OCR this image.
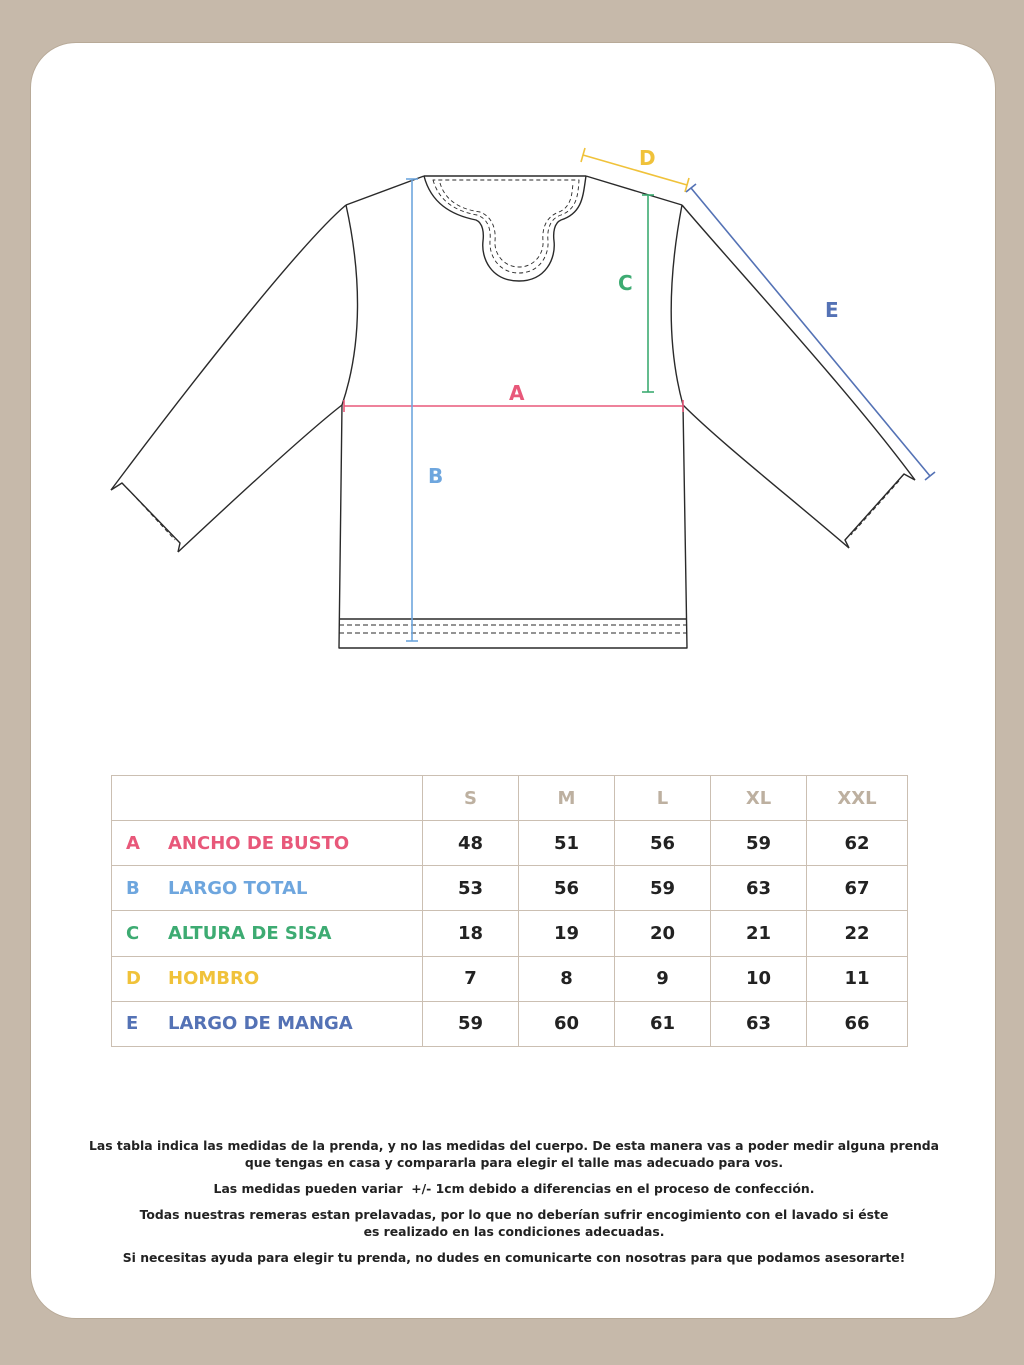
A
B
C
D
E
	S	M	L	XL	XXL
A ANCHO DE BUSTO	48	51	56	59	62
B LARGO TOTAL	53	56	59	63	67
C ALTURA DE SISA	18	19	20	21	22
D HOMBRO	7	8	9	10	11
E LARGO DE MANGA	59	60	61	63	66

Las tabla indica las medidas de la prenda, y no las medidas del cuerpo. De esta manera vas a poder medir alguna prenda
que tengas en casa y compararla para elegir el talle mas adecuado para vos.

Las medidas pueden variar  +/- 1cm debido a diferencias en el proceso de confección.

Todas nuestras remeras estan prelavadas, por lo que no deberían sufrir encogimiento con el lavado si éste
es realizado en las condiciones adecuadas.

Si necesitas ayuda para elegir tu prenda, no dudes en comunicarte con nosotras para que podamos asesorarte!
